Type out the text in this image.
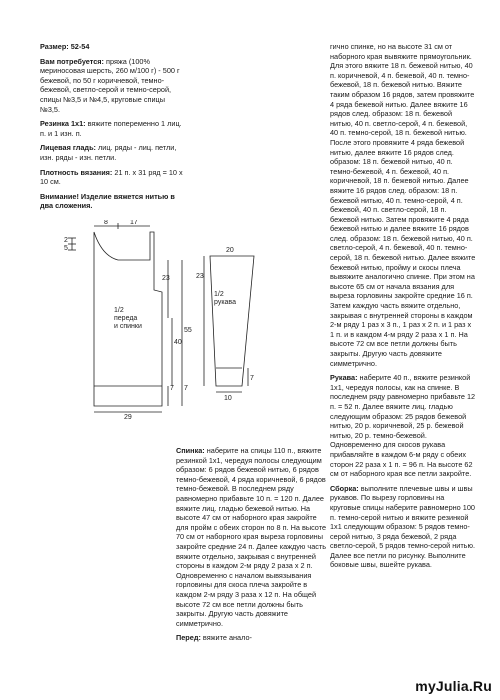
Размер: 52-54

Вам потребуется: пряжа (100% мериносовая шерсть, 260 м/100 г) - 500 г бежевой, по 50 г коричневой, темно-бежевой, светло-серой и темно-серой, спицы №3,5 и №4,5, круговые спицы №3,5.

Резинка 1х1: вяжите попеременно 1 лиц. п. и 1 изн. п.

Лицевая гладь: лиц. ряды - лиц. петли, изн. ряды - изн. петли.

Плотность вязания: 21 п. х 31 ряд = 10 х 10 см.

Внимание! Изделие вяжется нитью в два сложения.

2
5
8	17
23
55
40
7 7
29
10
20
7
23
1/2
переда
и спинки
1/2
рукава

Спинка: наберите на спицы 110 п., вяжите резинкой 1х1, чередуя полосы следующим образом: 6 рядов бежевой нитью, 6 рядов темно-бежевой, 4 ряда коричневой, 6 рядов темно-бежевой. В последнем ряду равномерно прибавьте 10 п. = 120 п. Далее вяжите лиц. гладью бежевой нитью. На высоте 47 см от наборного края закройте для пройм с обеих сторон по 8 п. На высоте 70 см от наборного края выреза горловины закройте средние 24 п. Далее каждую часть вяжите отдельно, закрывая с внутренней стороны в каждом 2-м ряду 2 раза х 2 п. Одновременно с началом вывязывания горловины для скоса плеча закройте в каждом 2-м ряду 3 раза х 12 п. На общей высоте 72 см все петли должны быть закрыты. Другую часть довяжите симметрично.

Перед: вяжите анало-

гично спинке, но на высоте 31 см от наборного края вывяжите прямоугольник. Для этого вяжите 18 п. бежевой нитью, 40 п. коричневой, 4 п. бежевой, 40 п. темно-бежевой, 18 п. бежевой нитью. Вяжите таким образом 16 рядов, затем провяжите 4 ряда бежевой нитью. Далее вяжите 16 рядов след. образом: 18 п. бежевой нитью, 40 п. светло-серой, 4 п. бежевой, 40 п. темно-серой, 18 п. бежевой нитью. После этого провяжите 4 ряда бежевой нитью, далее вяжите 16 рядов след. образом: 18 п. бежевой нитью, 40 п. темно-бежевой, 4 п. бежевой, 40 п. коричневой, 18 п. бежевой нитью. Далее вяжите 16 рядов след. образом: 18 п. бежевой нитью, 40 п. темно-серой, 4 п. бежевой, 40 п. светло-серой, 18 п. бежевой нитью. Затем провяжите 4 ряда бежевой нитью и далее вяжите 16 рядов след. образом: 18 п. бежевой нитью, 40 п. светло-серой, 4 п. бежевой, 40 п. темно-серой, 18 п. бежевой нитью. Далее вяжите бежевой нитью, пройму и скосы плеча вывяжите аналогично спинке. При этом на высоте 65 см от начала вязания для выреза горловины закройте средние 16 п. Затем каждую часть вяжите отдельно, закрывая с внутренней стороны в каждом 2-м ряду 1 раз х 3 п., 1 раз х 2 п. и 1 раз х 1 п. и в каждом 4-м ряду 2 раза х 1 п. На высоте 72 см все петли должны быть закрыты. Другую часть довяжите симметрично.

Рукава: наберите 40 п., вяжите резинкой 1х1, чередуя полосы, как на спинке. В последнем ряду равномерно прибавьте 12 п. = 52 п. Далее вяжите лиц. гладью следующим образом: 25 рядов бежевой нитью, 20 р. коричневой, 25 р. бежевой нитью, 20 р. темно-бежевой. Одновременно для скосов рукава прибавляйте в каждом 6-м ряду с обеих сторон 22 раза х 1 п. = 96 п. На высоте 62 см от наборного края все петли закройте.

Сборка: выполните плечевые швы и швы рукавов. По вырезу горловины на круговые спицы наберите равномерно 100 п. темно-серой нитью и вяжите резинкой 1х1 следующим образом: 5 рядов темно-серой нитью, 3 ряда бежевой, 2 ряда светло-серой, 5 рядов темно-серой нитью. Далее все петли по рисунку. Выполните боковые швы, вшейте рукава.

myJulia.Ru
